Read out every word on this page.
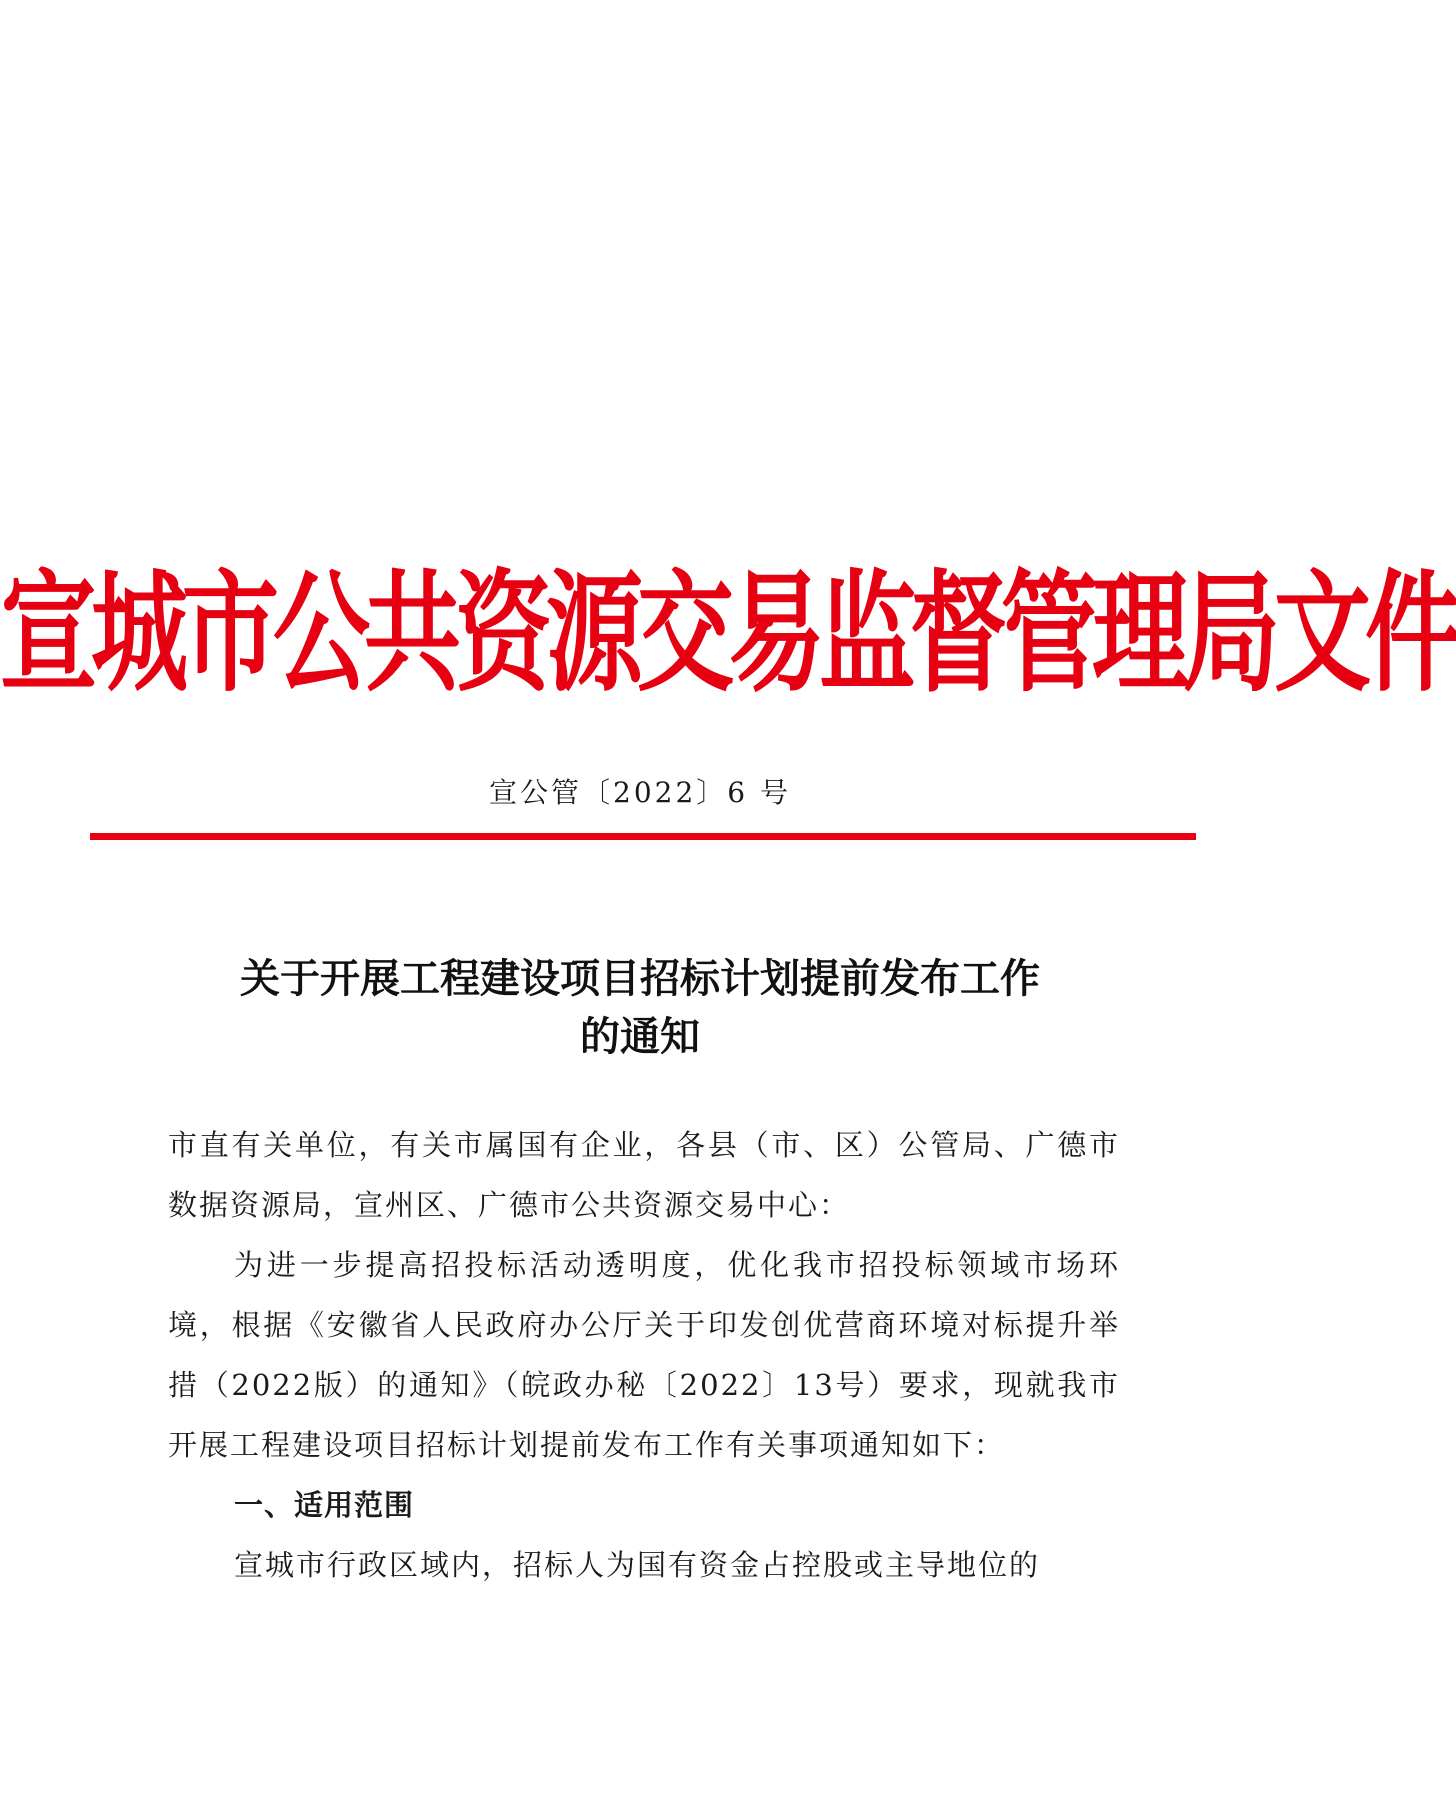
宣城市公共资源交易监督管理局文件
宣公管〔2022〕6 号
关于开展工程建设项目招标计划提前发布工作
的通知

市直有关单位，有关市属国有企业，各县（市、区）公管局、广德市数据资源局，宣州区、广德市公共资源交易中心：

为进一步提高招投标活动透明度，优化我市招投标领域市场环境，根据《安徽省人民政府办公厅关于印发创优营商环境对标提升举措（2022版）的通知》（皖政办秘〔2022〕13号）要求，现就我市开展工程建设项目招标计划提前发布工作有关事项通知如下：

一、适用范围

宣城市行政区域内，招标人为国有资金占控股或主导地位的
